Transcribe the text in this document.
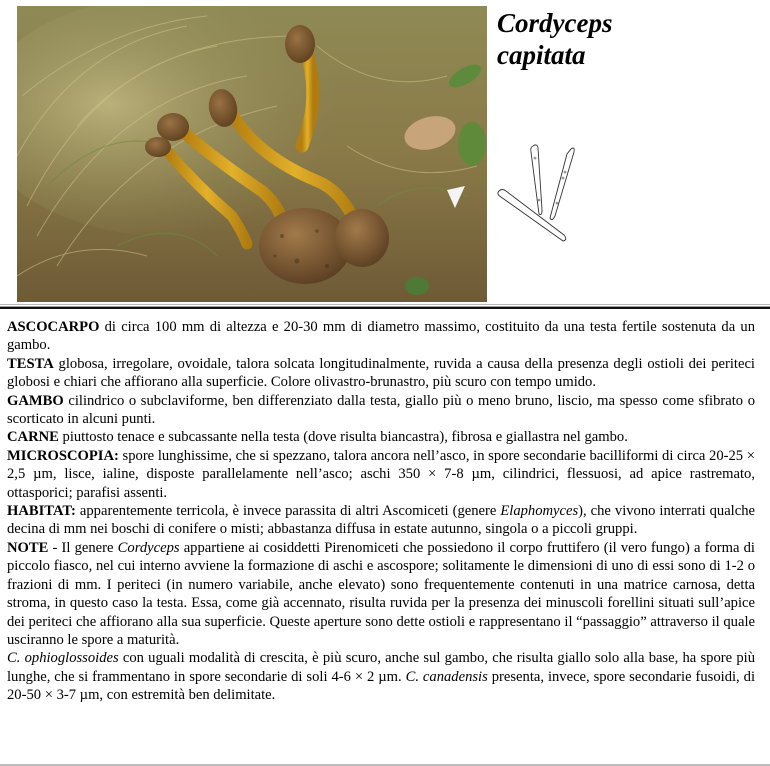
Cordyceps
capitata

ASCOCARPO di circa 100 mm di altezza e 20-30 mm di diametro massimo, costituito da una testa fertile sostenuta da un gambo.

TESTA globosa, irregolare, ovoidale, talora solcata longitudinalmente, ruvida a causa della presenza degli ostioli dei periteci globosi e chiari che affiorano alla superficie. Colore olivastro-brunastro, più scuro con tempo umido.

GAMBO cilindrico o subclaviforme, ben differenziato dalla testa, giallo più o meno bruno, liscio, ma spesso come sfibrato o scorticato in alcuni punti.

CARNE piuttosto tenace e subcassante nella testa (dove risulta biancastra), fibrosa e giallastra nel gambo.

MICROSCOPIA: spore lunghissime, che si spezzano, talora ancora nell’asco, in spore secondarie bacilliformi di circa 20-25 × 2,5 µm, lisce, ialine, disposte parallelamente nell’asco; aschi 350 × 7-8 µm, cilindrici, flessuosi, ad apice rastremato, ottasporici; parafisi assenti.

HABITAT: apparentemente terricola, è invece parassita di altri Ascomiceti (genere Elaphomyces), che vivono interrati qualche decina di mm nei boschi di conifere o misti; abbastanza diffusa in estate autunno, singola o a piccoli gruppi.

NOTE - Il genere Cordyceps appartiene ai cosiddetti Pirenomiceti che possiedono il corpo fruttifero (il vero fungo) a forma di piccolo fiasco, nel cui interno avviene la formazione di aschi e ascospore; solitamente le dimensioni di uno di essi sono di 1-2 o frazioni di mm. I periteci (in numero variabile, anche elevato) sono frequentemente contenuti in una matrice carnosa, detta stroma, in questo caso la testa. Essa, come già accennato, risulta ruvida per la presenza dei minuscoli forellini situati sull’apice dei periteci che affiorano alla sua superficie. Queste aperture sono dette ostioli e rappresentano il “passaggio” attraverso il quale usciranno le spore a maturità.

C. ophioglossoides con uguali modalità di crescita, è più scuro, anche sul gambo, che risulta giallo solo alla base, ha spore più lunghe, che si frammentano in spore secondarie di soli 4-6 × 2 µm. C. canadensis presenta, invece, spore secondarie fusoidi, di 20-50 × 3-7 µm, con estremità ben delimitate.
